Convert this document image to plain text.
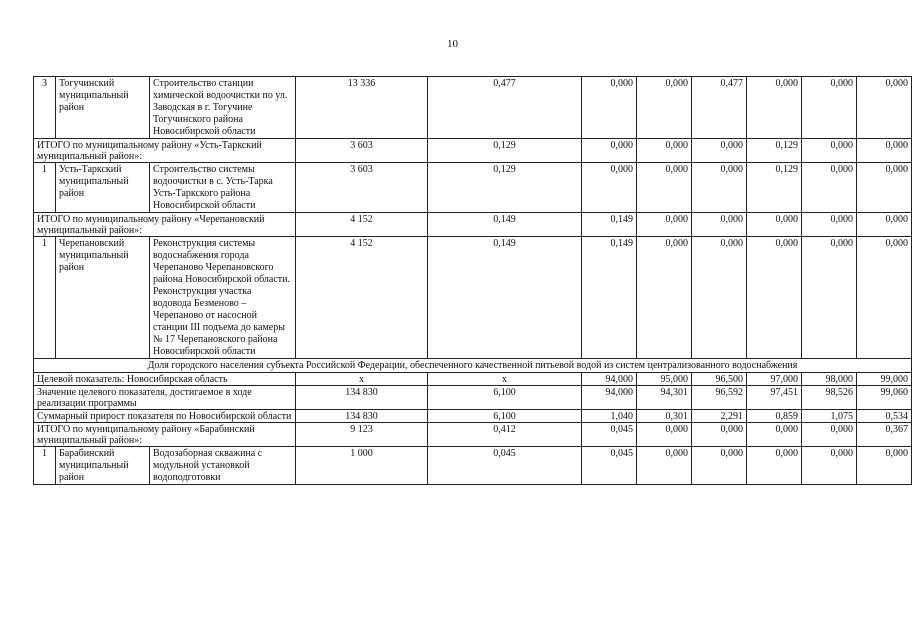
10
3	Тогучинский муниципальный район	Строительство станции химической водоочистки по ул. Заводская в г. Тогучине Тогучинского района Новосибирской области	13 336	0,477	0,000	0,000	0,477	0,000	0,000	0,000
ИТОГО по муниципальному району «Усть-Таркский муниципальный район»:			3 603	0,129	0,000	0,000	0,000	0,129	0,000	0,000
1	Усть-Таркский муниципальный район	Строительство системы водоочистки в с. Усть-Тарка Усть-Таркского района Новосибирской области	3 603	0,129	0,000	0,000	0,000	0,129	0,000	0,000
ИТОГО по муниципальному району «Черепановский муниципальный район»:			4 152	0,149	0,149	0,000	0,000	0,000	0,000	0,000
1	Черепановский муниципальный район	Реконструкция системы водоснабжения города Черепаново Черепановского района Новосибирской области. Реконструкция участка водовода Безменово – Черепаново от насосной станции III подъема до камеры № 17 Черепановского района Новосибирской области	4 152	0,149	0,149	0,000	0,000	0,000	0,000	0,000
Доля городского населения субъекта Российской Федерации, обеспеченного качественной питьевой водой из систем централизованного водоснабжения										
Целевой показатель: Новосибирская область			х	х	94,000	95,000	96,500	97,000	98,000	99,000
Значение целевого показателя, достигаемое в ходе реализации программы			134 830	6,100	94,000	94,301	96,592	97,451	98,526	99,060
Суммарный прирост показателя по Новосибирской области			134 830	6,100	1,040	0,301	2,291	0,859	1,075	0,534
ИТОГО по муниципальному району «Барабинский муниципальный район»:			9 123	0,412	0,045	0,000	0,000	0,000	0,000	0,367
1	Барабинский муниципальный район	Водозаборная скважина с модульной установкой водоподготовки	1 000	0,045	0,045	0,000	0,000	0,000	0,000	0,000
